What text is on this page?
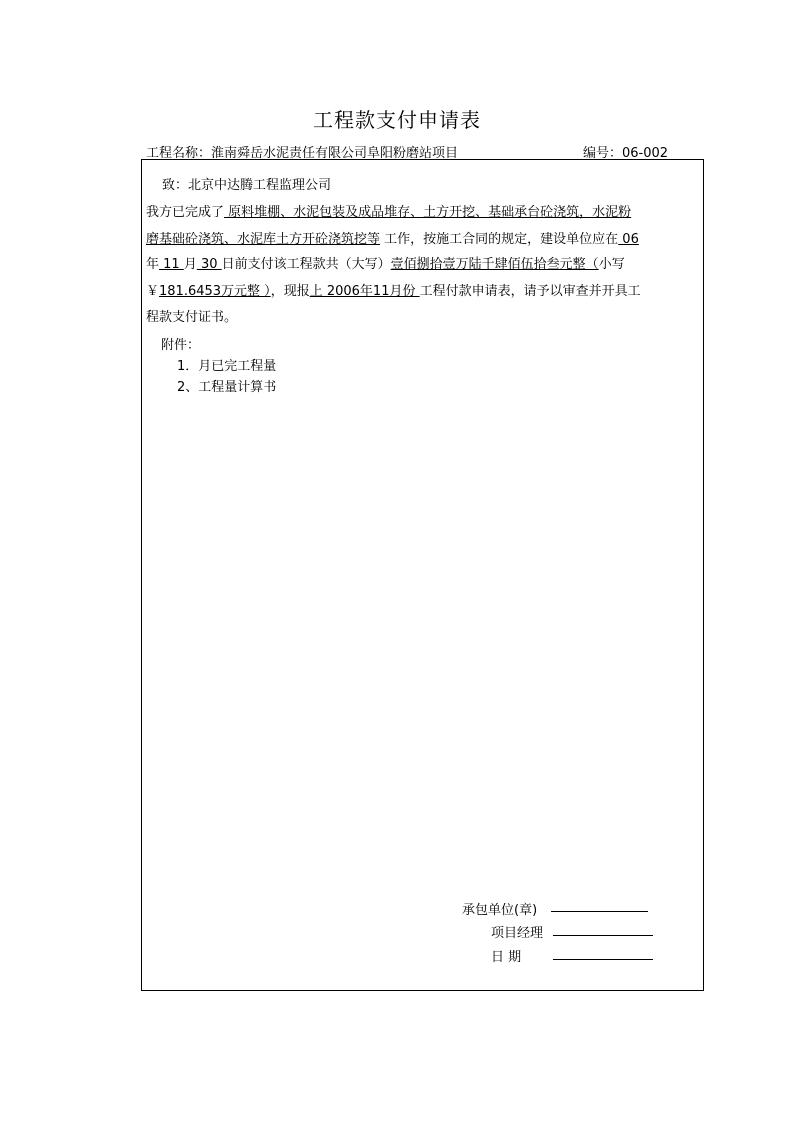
工程款支付申请表
工程名称：淮南舜岳水泥责任有限公司阜阳粉磨站项目	编号：06-002
致：北京中达腾工程监理公司
我方已完成了 原料堆棚、水泥包装及成品堆存、土方开挖、基础承台砼浇筑，水泥粉
磨基础砼浇筑、水泥库土方开砼浇筑挖等 工作，按施工合同的规定，建设单位应在 06
年 11 月 30 日前支付该工程款共（大写）壹佰捌拾壹万陆千肆佰伍拾叁元整（小写
￥181.6453万元整 ），现报上 2006年11月份 工程付款申请表，请予以审查并开具工
程款支付证书。
附件：
1．月已完工程量
2、工程量计算书
承包单位(章)
项目经理
日 期
